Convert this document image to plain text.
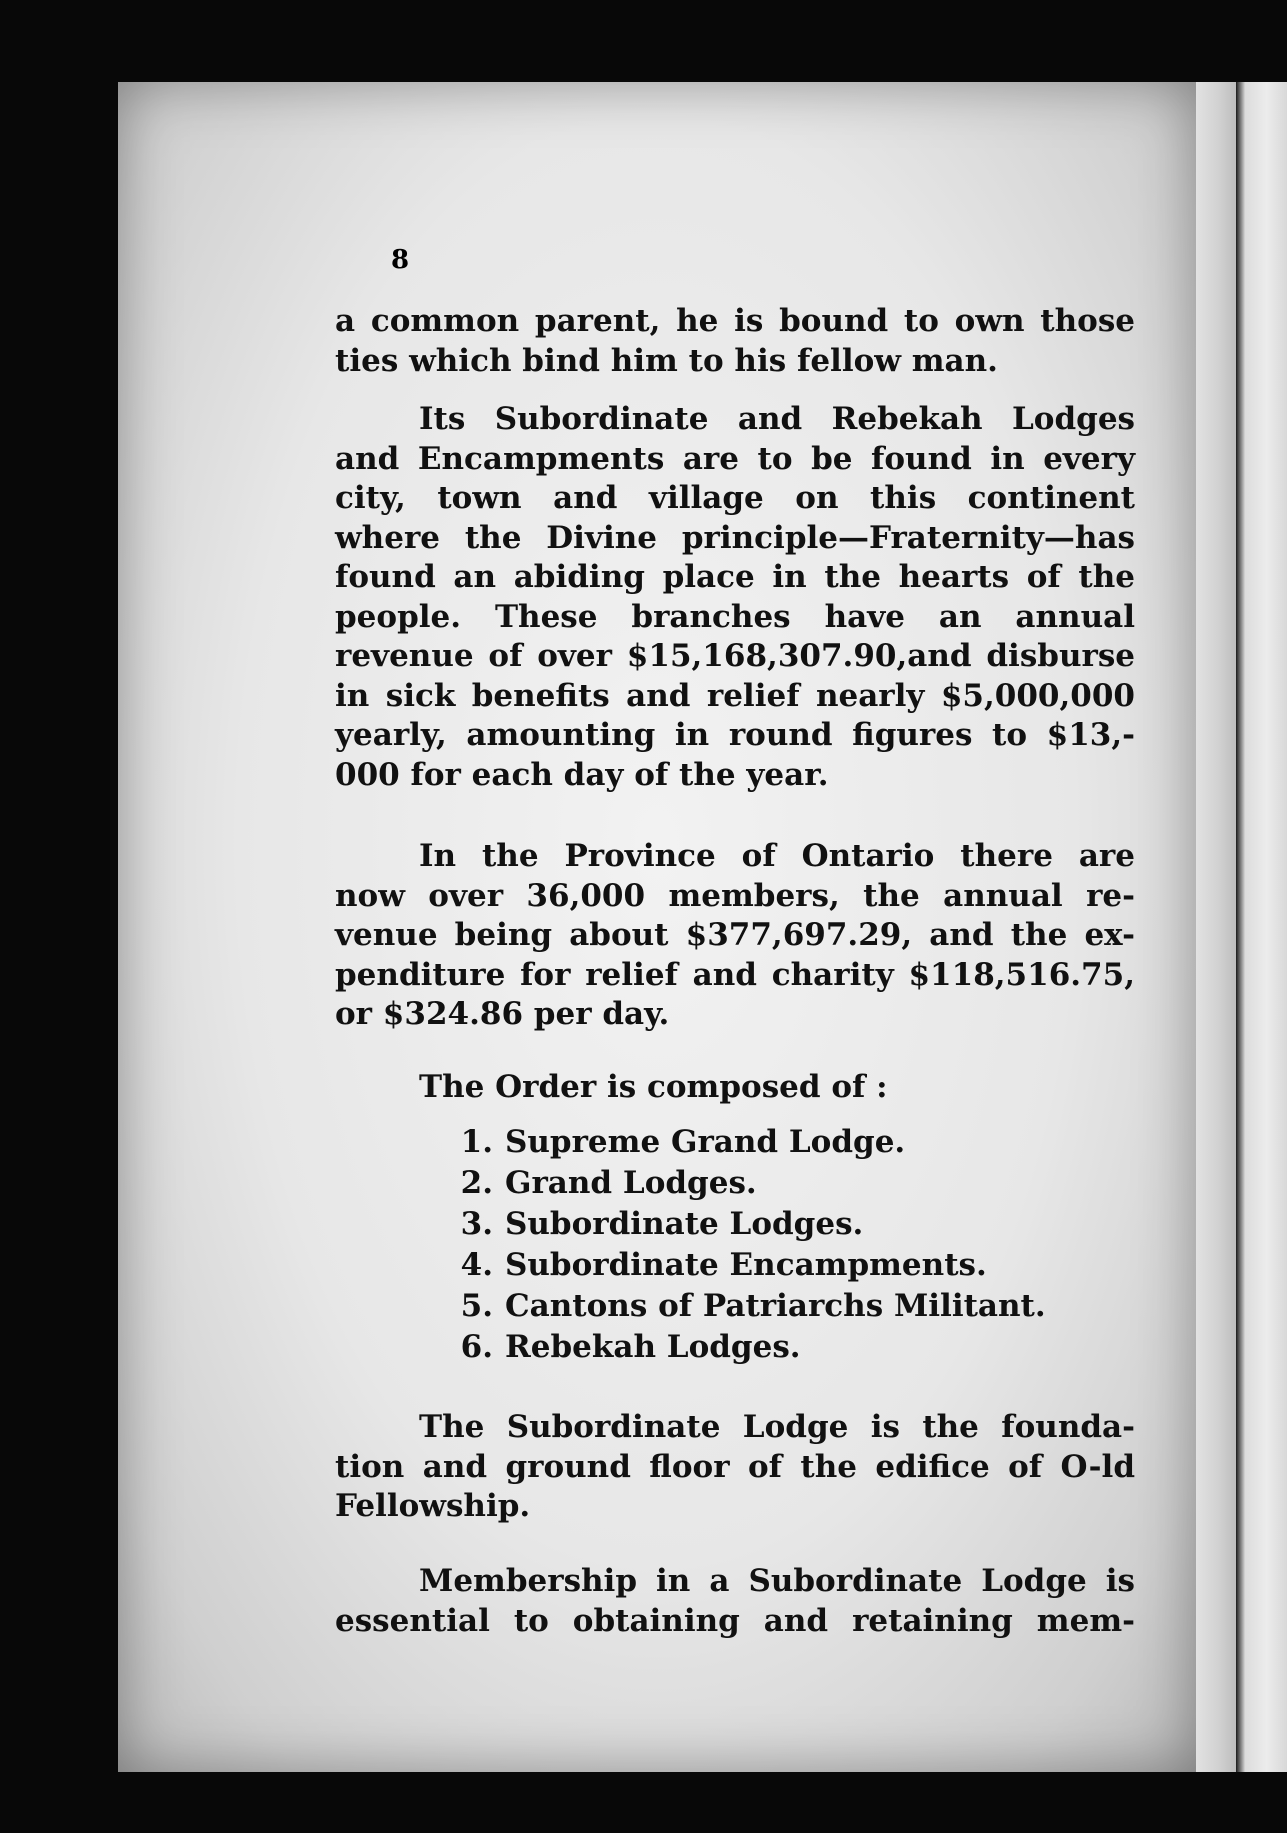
8
a common parent, he is bound to own those
ties which bind him to his fellow man.
Its Subordinate and Rebekah Lodges
and Encampments are to be found in every
city, town and village on this continent
where the Divine principle—Fraternity—has
found an abiding place in the hearts of the
people. These branches have an annual
revenue of over $15,168,307.90,and disburse
in sick benefits and relief nearly $5,000,000
yearly, amounting in round figures to $13,-
000 for each day of the year.
In the Province of Ontario there are
now over 36,000 members, the annual re-
venue being about $377,697.29, and the ex-
penditure for relief and charity $118,516.75,
or $324.86 per day.
The Order is composed of :
1. Supreme Grand Lodge.
2. Grand Lodges.
3. Subordinate Lodges.
4. Subordinate Encampments.
5. Cantons of Patriarchs Militant.
6. Rebekah Lodges.
The Subordinate Lodge is the founda-
tion and ground floor of the edifice of O-ld
Fellowship.
Membership in a Subordinate Lodge is
essential to obtaining and retaining mem-
